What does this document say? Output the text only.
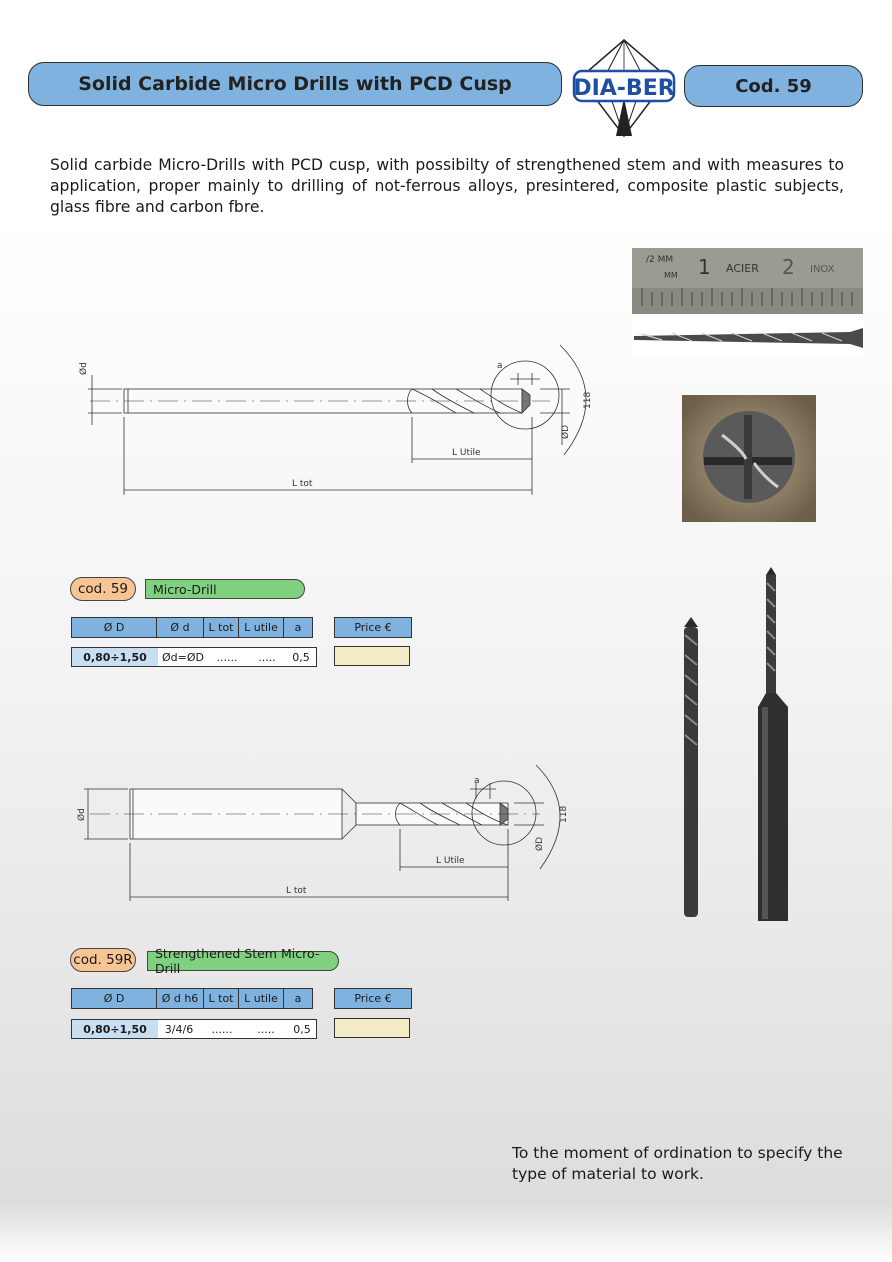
Solid Carbide Micro Drills with PCD Cusp	DIA-BER	Cod. 59
Solid carbide Micro-Drills with PCD cusp, with possibilty of strengthened stem and with measures to application, proper mainly to drilling of not-ferrous alloys, presintered, composite plastic subjects, glass fibre and carbon fbre.
Ød	a
118
ØD
L Utile
L tot
/2 MM
MM 1 ACIER 2 INOX
cod. 59	Micro-Drill
Ø D	Ø d	L tot	L utile	a	Price €
0,80÷1,50	Ød=ØD	......	.....	0,5
Ød
a
118
ØD
L Utile
L tot
cod. 59R	Strengthened Stem Micro-Drill
Ø D	Ø d h6	L tot	L utile	a	Price €
0,80÷1,50	3/4/6	......	.....	0,5
To the moment of ordination to specify the type of material to work.
